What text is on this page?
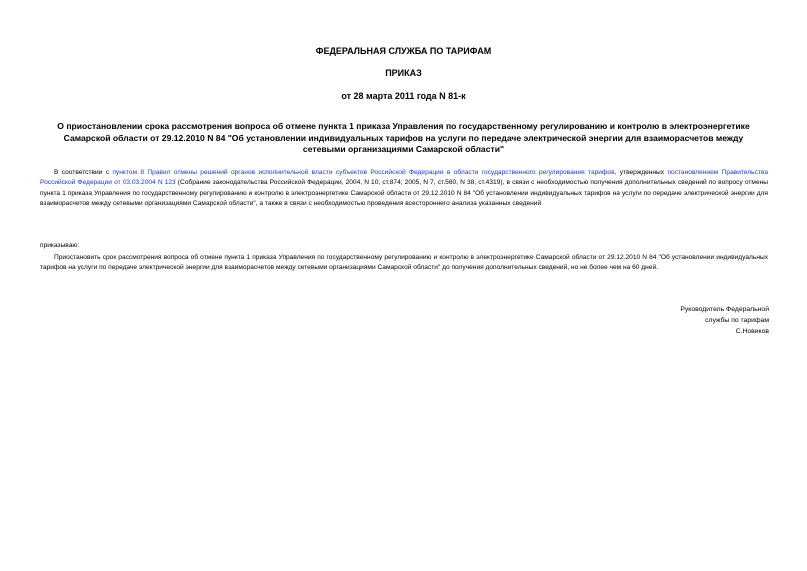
ФЕДЕРАЛЬНАЯ СЛУЖБА ПО ТАРИФАМ
ПРИКАЗ
от 28 марта 2011 года N 81-к
О приостановлении срока рассмотрения вопроса об отмене пункта 1 приказа Управления по государственному регулированию и контролю в электроэнергетике Самарской области от 29.12.2010 N 84 "Об установлении индивидуальных тарифов на услуги по передаче электрической энергии для взаиморасчетов между сетевыми организациями Самарской области"

В соответствии с пунктом 8 Правил отмены решений органов исполнительной власти субъектов Российской Федерации в области государственного регулирования тарифов, утвержденных постановлением Правительства Российской Федерации от 03.03.2004 N 123 (Собрание законодательства Российской Федерации, 2004, N 10, ст.874; 2005, N 7, ст.560, N 38, ст.4319), в связи с необходимостью получения дополнительных сведений по вопросу отмены пункта 1 приказа Управления по государственному регулированию и контролю в электроэнергетике Самарской области от 29.12.2010 N 84 "Об установлении индивидуальных тарифов на услуги по передаче электрической энергии для взаиморасчетов между сетевыми организациями Самарской области", а также в связи с необходимостью проведения всестороннего анализа указанных сведений

приказываю:

Приостановить срок рассмотрения вопроса об отмене пункта 1 приказа Управления по государственному регулированию и контролю в электроэнергетике Самарской области от 29.12.2010 N 84 "Об установлении индивидуальных тарифов на услуги по передаче электрической энергии для взаиморасчетов между сетевыми организациями Самарской области" до получения дополнительных сведений, но не более чем на 60 дней.

Руководитель Федеральной
службы по тарифам
С.Новиков
